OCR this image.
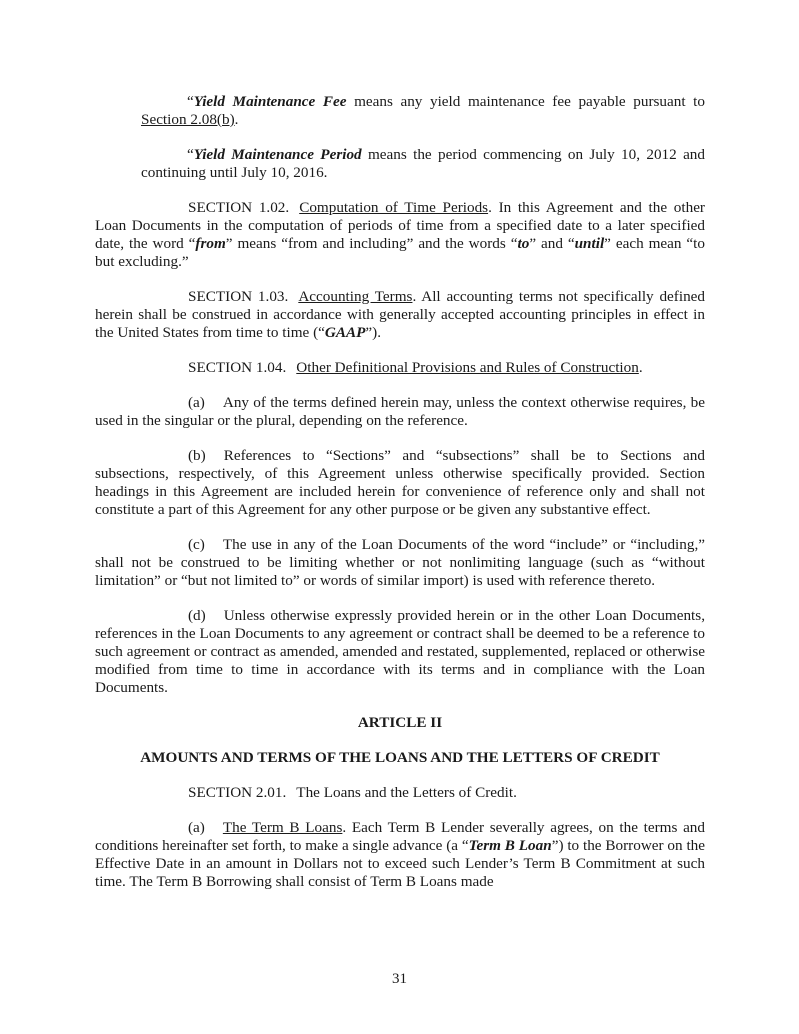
“Yield Maintenance Fee means any yield maintenance fee payable pursuant to Section 2.08(b).

“Yield Maintenance Period means the period commencing on July 10, 2012 and continuing until July 10, 2016.

SECTION 1.02. Computation of Time Periods. In this Agreement and the other Loan Documents in the computation of periods of time from a specified date to a later specified date, the word “from” means “from and including” and the words “to” and “until” each mean “to but excluding.”

SECTION 1.03. Accounting Terms. All accounting terms not specifically defined herein shall be construed in accordance with generally accepted accounting principles in effect in the United States from time to time (“GAAP”).

SECTION 1.04. Other Definitional Provisions and Rules of Construction.

(a) Any of the terms defined herein may, unless the context otherwise requires, be used in the singular or the plural, depending on the reference.

(b) References to “Sections” and “subsections” shall be to Sections and subsections, respectively, of this Agreement unless otherwise specifically provided. Section headings in this Agreement are included herein for convenience of reference only and shall not constitute a part of this Agreement for any other purpose or be given any substantive effect.

(c) The use in any of the Loan Documents of the word “include” or “including,” shall not be construed to be limiting whether or not nonlimiting language (such as “without limitation” or “but not limited to” or words of similar import) is used with reference thereto.

(d) Unless otherwise expressly provided herein or in the other Loan Documents, references in the Loan Documents to any agreement or contract shall be deemed to be a reference to such agreement or contract as amended, amended and restated, supplemented, replaced or otherwise modified from time to time in accordance with its terms and in compliance with the Loan Documents.

ARTICLE II

AMOUNTS AND TERMS OF THE LOANS AND THE LETTERS OF CREDIT

SECTION 2.01. The Loans and the Letters of Credit.

(a) The Term B Loans. Each Term B Lender severally agrees, on the terms and conditions hereinafter set forth, to make a single advance (a “Term B Loan”) to the Borrower on the Effective Date in an amount in Dollars not to exceed such Lender’s Term B Commitment at such time. The Term B Borrowing shall consist of Term B Loans made

31
